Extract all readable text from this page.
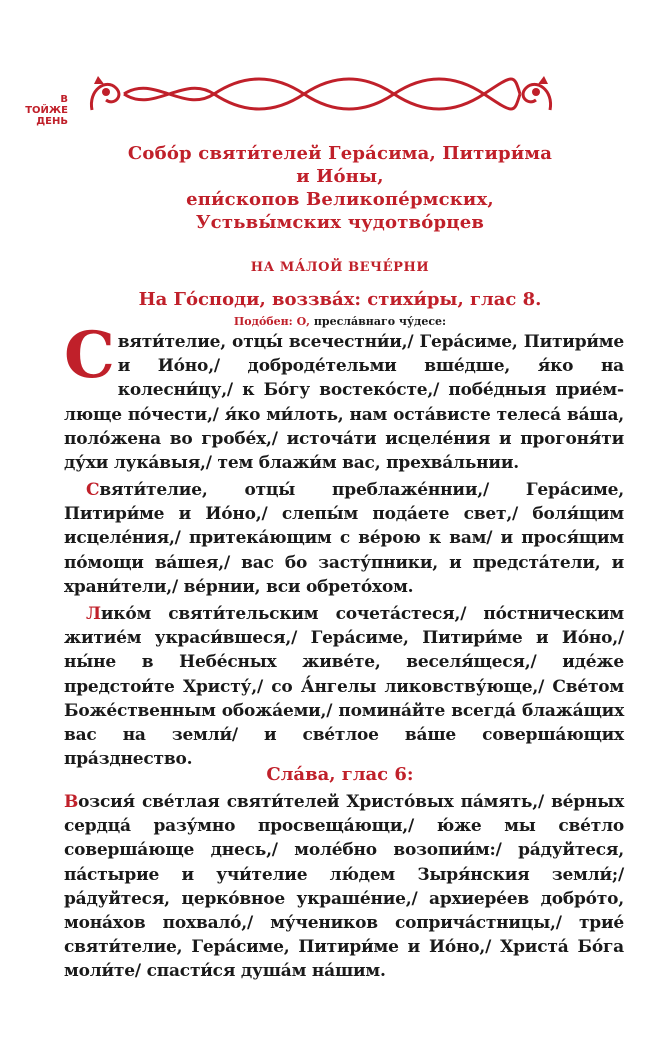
В
ТОЙЖЕ
ДЕНЬ
Собо́р святи́телей Гера́сима, Питири́ма
и Ио́ны,
епи́скопов Великопе́рмских,
Устьвы́мских чудотво́рцев
НА МА́ЛОЙ ВЕЧЕ́РНИ
На Го́споди, воззва́х: стихи́ры, глас 8.
Подо́бен: О, пресла́внаго чу́десе:

Святи́телие, отцы́ всечестни́и,/ Гера́симе, Питири́ме и Ио́но,/ доброде́тельми вше́дше, я́ко на колесни́цу,/ к Бо́гу востеко́сте,/ побе́дныя прие́млюще по́чести,/ я́ко ми́лоть, нам оста́висте телеса́ ва́ша, поло́жена во гробе́х,/ источа́ти исцеле́ния и прогоня́ти ду́хи лука́выя,/ тем блажи́м вас, прехва́льнии.

Святи́телие, отцы́ преблаже́ннии,/ Гера́симе, Питири́ме и Ио́но,/ слепы́м пода́ете свет,/ боля́щим исцеле́ния,/ притека́ющим с ве́рою к вам/ и прося́щим по́мощи ва́шея,/ вас бо засту́пники, и предста́тели, и храни́тели,/ ве́рнии, вси обрето́хом.

Лико́м святи́тельским сочета́стеся,/ по́стническим житие́м украси́вшеся,/ Гера́симе, Питири́ме и Ио́но,/ ны́не в Небе́сных живе́те, веселя́щеся,/ иде́же предстои́те Христу́,/ со А́нгелы ликовству́юще,/ Све́том Боже́ственным обожа́еми,/ помина́йте всегда́ блажа́щих вас на земли́/ и све́тлое ва́ше соверша́ющих пра́зднество.

Сла́ва, глас 6:

Возсия́ све́тлая святи́телей Христо́вых па́мять,/ ве́рных сердца́ разу́мно просвеща́ющи,/ ю́же мы све́тло соверша́юще днесь,/ моле́бно возопии́м:/ ра́дуйтеся, па́стырие и учи́телие лю́дем Зыря́нския земли́;/ ра́дуйтеся, церко́вное украше́ние,/ архиере́ев добро́то, мона́хов похвало́,/ му́чеников соприча́стницы,/ трие́ святи́телие, Гера́симе, Питири́ме и Ио́но,/ Христа́ Бо́га моли́те/ спасти́ся душа́м на́шим.
